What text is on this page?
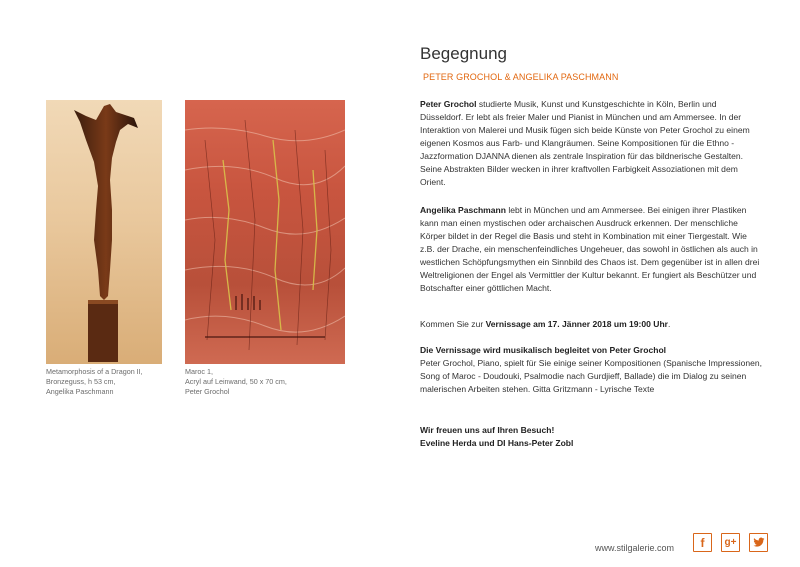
Metamorphosis of a Dragon II,
Bronzeguss, h 53 cm,
Angelika Paschmann
Maroc 1,
Acryl auf Leinwand, 50 x 70 cm,
Peter Grochol
Begegnung
PETER GROCHOL & ANGELIKA PASCHMANN
Peter Grochol studierte Musik, Kunst und Kunstgeschichte in Köln, Berlin und
Düsseldorf. Er lebt als freier Maler und Pianist in München und am Ammersee. In der
Interaktion von Malerei und Musik fügen sich beide Künste von Peter Grochol zu einem
eigenen Kosmos aus Farb- und Klangräumen. Seine Kompositionen für die Ethno -
Jazzformation DJANNA dienen als zentrale Inspiration für das bildnerische Gestalten.
Seine Abstrakten Bilder wecken in ihrer kraftvollen Farbigkeit Assoziationen mit dem
Orient.
Angelika Paschmann lebt in München und am Ammersee. Bei einigen ihrer Plastiken
kann man einen mystischen oder archaischen Ausdruck erkennen. Der menschliche
Körper bildet in der Regel die Basis und steht in Kombination mit einer Tiergestalt. Wie
z.B. der Drache, ein menschenfeindliches Ungeheuer, das sowohl in östlichen als auch in
westlichen Schöpfungsmythen ein Sinnbild des Chaos ist. Dem gegenüber ist in allen drei
Weltreligionen der Engel als Vermittler der Kultur bekannt. Er fungiert als Beschützer und
Botschafter einer göttlichen Macht.
Kommen Sie zur Vernissage am 17. Jänner 2018 um 19:00 Uhr.
Die Vernissage wird musikalisch begleitet von Peter Grochol
Peter Grochol, Piano, spielt für Sie einige seiner Kompositionen (Spanische Impressionen,
Song of Maroc - Doudouki, Psalmodie nach Gurdjieff, Ballade) die im Dialog zu seinen
malerischen Arbeiten stehen. Gitta Gritzmann - Lyrische Texte
Wir freuen uns auf Ihren Besuch!
Eveline Herda und DI Hans-Peter Zobl
www.stilgalerie.com	f	g+
